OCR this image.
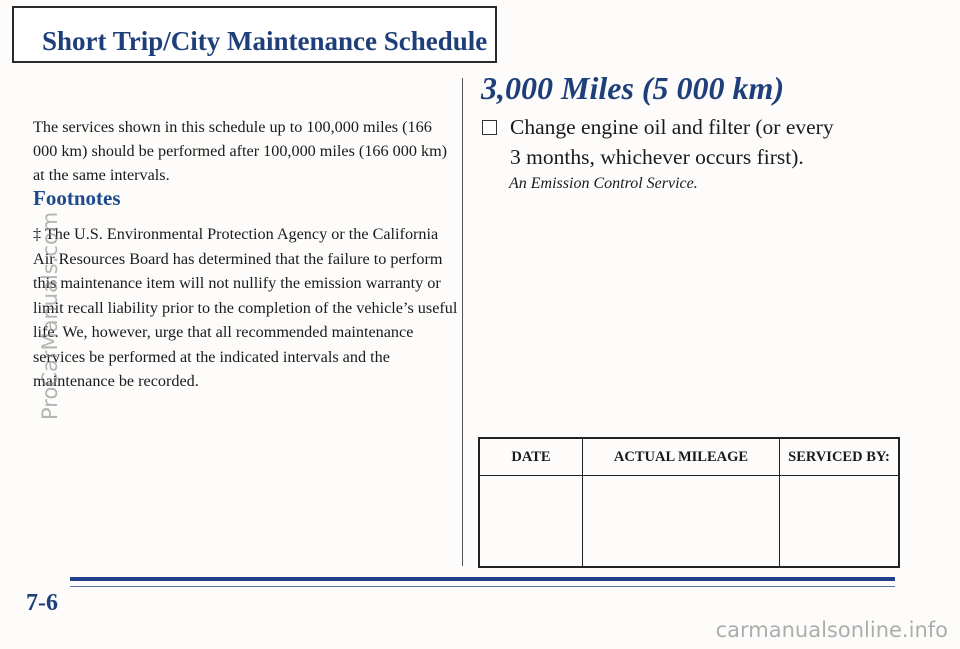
Short Trip/City Maintenance Schedule

The services shown in this schedule up to 100,000 miles (166 000 km) should be performed after 100,000 miles (166 000 km) at the same intervals.

Footnotes

‡ The U.S. Environmental Protection Agency or the California Air Resources Board has determined that the failure to perform this maintenance item will not nullify the emission warranty or limit recall liability prior to the completion of the vehicle’s useful life. We, however, urge that all recommended maintenance services be performed at the indicated intervals and the maintenance be recorded.

3,000 Miles (5 000 km)
Change engine oil and filter (or every
3 months, whichever occurs first).
An Emission Control Service.
DATE	ACTUAL MILEAGE	SERVICED BY:

7-6
ProCarManuals.com
carmanualsonline.info
